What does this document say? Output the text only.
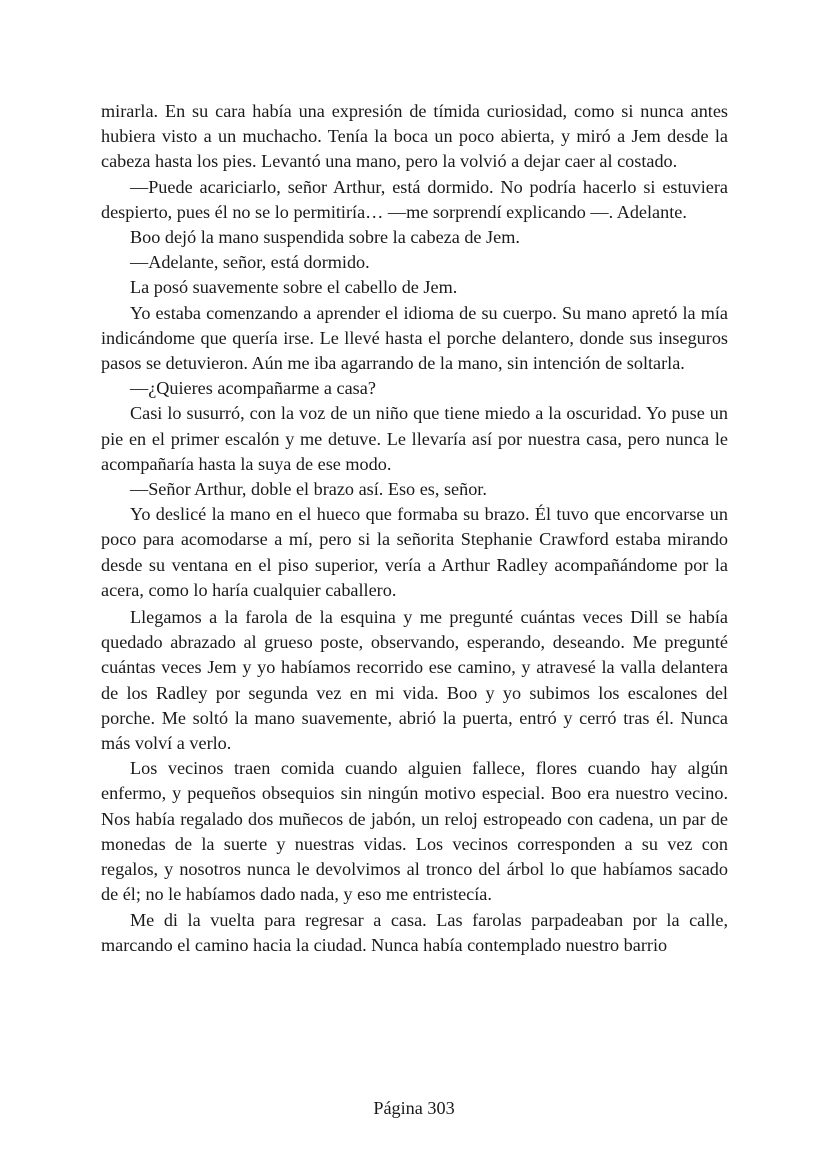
mirarla. En su cara había una expresión de tímida curiosidad, como si nunca antes hubiera visto a un muchacho. Tenía la boca un poco abierta, y miró a Jem desde la cabeza hasta los pies. Levantó una mano, pero la volvió a dejar caer al costado.

—Puede acariciarlo, señor Arthur, está dormido. No podría hacerlo si estuviera despierto, pues él no se lo permitiría… —me sorprendí explicando —. Adelante.

Boo dejó la mano suspendida sobre la cabeza de Jem.

—Adelante, señor, está dormido.

La posó suavemente sobre el cabello de Jem.

Yo estaba comenzando a aprender el idioma de su cuerpo. Su mano apretó la mía indicándome que quería irse. Le llevé hasta el porche delantero, donde sus inseguros pasos se detuvieron. Aún me iba agarrando de la mano, sin intención de soltarla.

—¿Quieres acompañarme a casa?

Casi lo susurró, con la voz de un niño que tiene miedo a la oscuridad. Yo puse un pie en el primer escalón y me detuve. Le llevaría así por nuestra casa, pero nunca le acompañaría hasta la suya de ese modo.

—Señor Arthur, doble el brazo así. Eso es, señor.

Yo deslicé la mano en el hueco que formaba su brazo. Él tuvo que encorvarse un poco para acomodarse a mí, pero si la señorita Stephanie Crawford estaba mirando desde su ventana en el piso superior, vería a Arthur Radley acompañándome por la acera, como lo haría cualquier caballero.

Llegamos a la farola de la esquina y me pregunté cuántas veces Dill se había quedado abrazado al grueso poste, observando, esperando, deseando. Me pregunté cuántas veces Jem y yo habíamos recorrido ese camino, y atravesé la valla delantera de los Radley por segunda vez en mi vida. Boo y yo subimos los escalones del porche. Me soltó la mano suavemente, abrió la puerta, entró y cerró tras él. Nunca más volví a verlo.

Los vecinos traen comida cuando alguien fallece, flores cuando hay algún enfermo, y pequeños obsequios sin ningún motivo especial. Boo era nuestro vecino. Nos había regalado dos muñecos de jabón, un reloj estropeado con cadena, un par de monedas de la suerte y nuestras vidas. Los vecinos corresponden a su vez con regalos, y nosotros nunca le devolvimos al tronco del árbol lo que habíamos sacado de él; no le habíamos dado nada, y eso me entristecía.

Me di la vuelta para regresar a casa. Las farolas parpadeaban por la calle, marcando el camino hacia la ciudad. Nunca había contemplado nuestro barrio

Página 303
